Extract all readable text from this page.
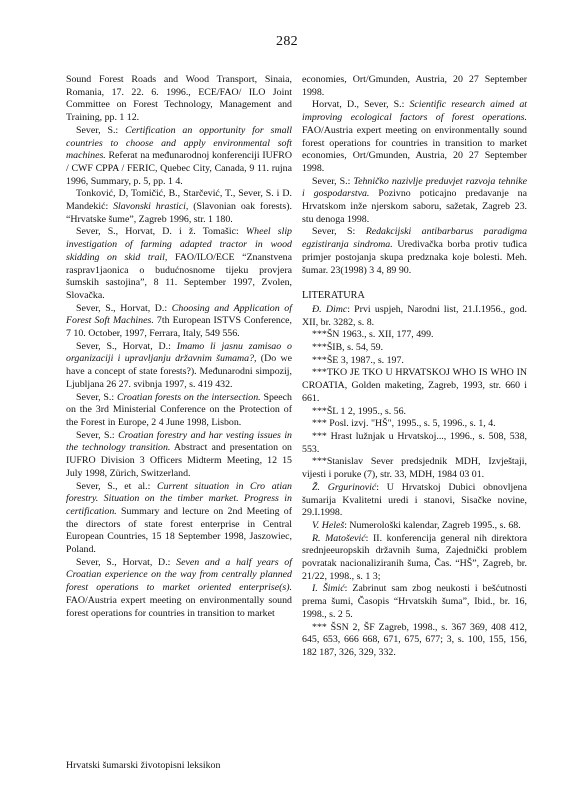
282

Sound Forest Roads and Wood Transport, Sinaia, Romania, 17. 22. 6. 1996., ECE/FAO/ ILO Joint Committee on Forest Technology, Management and Training, pp. 1 12.

Sever, S.: Certification an opportunity for small countries to choose and apply environmental soft machines. Referat na međunarodnoj konferenciji IUFRO / CWF CPPA / FERIC, Quebec City, Canada, 9 11. rujna 1996, Summary, p. 5, pp. 1 4.

Tonković, D, Tomičić, B., Starčević, T., Sever, S. i D. Mandekić: Slavonski hrastici, (Slavonian oak forests). “Hrvatske šume”, Zagreb 1996, str. 1 180.

Sever, S., Horvat, D. i ž. Tomašic: Wheel slip investigation of farming adapted tractor in wood skidding on skid trail, FAO/ILO/ECE “Znanstvena rasprav1jaonica o budućnosnome tijeku provjera šumskih sastojina”, 8 11. September 1997, Zvolen, Slovačka.

Sever, S., Horvat, D.: Choosing and Application of Forest Soft Machines. 7th European ISTVS Conference, 7 10. October, 1997, Ferrara, Italy, 549 556.

Sever, S., Horvat, D.: Imamo li jasnu zamisao o organizaciji i upravljanju državnim šumama?, (Do we have a concept of state forests?). Međunarodni simpozij, Ljubljana 26 27. svibnja 1997, s. 419 432.

Sever, S.: Croatian forests on the intersection. Speech on the 3rd Ministerial Conference on the Protection of the Forest in Europe, 2 4 June 1998, Lisbon.

Sever, S.: Croatian forestry and har vesting issues in the technology transition. Abstract and presentation on IUFRO Division 3 Officers Midterm Meeting, 12 15 July 1998, Zürich, Switzerland.

Sever, S., et al.: Current situation in Cro atian forestry. Situation on the timber market. Progress in certification. Summary and lecture on 2nd Meeting of the directors of state forest enterprise in Central European Countries, 15 18 September 1998, Jaszowiec, Poland.

Sever, S., Horvat, D.: Seven and a half years of Croatian experience on the way from centrally planned forest operations to market oriented enterprise(s). FAO/Austria expert meeting on environmentally sound forest operations for countries in transition to market

economies, Ort/Gmunden, Austria, 20 27 September 1998.

Horvat, D., Sever, S.: Scientific research aimed at improving ecological factors of forest operations. FAO/Austria expert meeting on environmentally sound forest operations for countries in transition to market economies, Ort/Gmunden, Austria, 20 27 September 1998.

Sever, S.: Tehničko nazivlje preduvjet razvoja tehnike i gospodarstva. Pozivno poticajno predavanje na Hrvatskom inže njerskom saboru, sažetak, Zagreb 23. stu denoga 1998.

Sever, S: Redakcijski antibarbarus paradigma egzistiranja sindroma. Uredivačka borba protiv tuđica primjer postojanja skupa predznaka koje bolesti. Meh. šumar. 23(1998) 3 4, 89 90.

LITERATURA

Đ. Dimc: Prvi uspjeh, Narodni list, 21.I.1956., god. XII, br. 3282, s. 8.

***ŠN 1963., s. XII, 177, 499.

***ŠIB, s. 54, 59.

***ŠE 3, 1987., s. 197.

***TKO JE TKO U HRVATSKOJ WHO IS WHO IN CROATIA, Golden maketing, Zagreb, 1993, str. 660 i 661.

***ŠL 1 2, 1995., s. 56.

*** Posl. izvj. "HŠ", 1995., s. 5, 1996., s. 1, 4.

*** Hrast lužnjak u Hrvatskoj..., 1996., s. 508, 538, 553.

***Stanislav Sever predsjednik MDH, Izvještaji, vijesti i poruke (7), str. 33, MDH, 1984 03 01.

Ž. Grgurinović: U Hrvatskoj Dubici obnovljena šumarija Kvalitetni uredi i stanovi, Sisačke novine, 29.I.1998.

V. Heleš: Numerološki kalendar, Zagreb 1995., s. 68.

R. Matošević: II. konferencija general nih direktora srednjeeuropskih državnih šuma, Zajednički problem povratak nacionaliziranih šuma, Čas. “HŠ”, Zagreb, br. 21/22, 1998., s. 1 3;

I. Šimić: Zabrinut sam zbog neukosti i bešćutnosti prema šumi, Časopis “Hrvatskih šuma”, Ibid., br. 16, 1998., s. 2 5.

*** ŠSN 2, ŠF Zagreb, 1998., s. 367 369, 408 412, 645, 653, 666 668, 671, 675, 677; 3, s. 100, 155, 156, 182 187, 326, 329, 332.

Hrvatski šumarski životopisni leksikon
